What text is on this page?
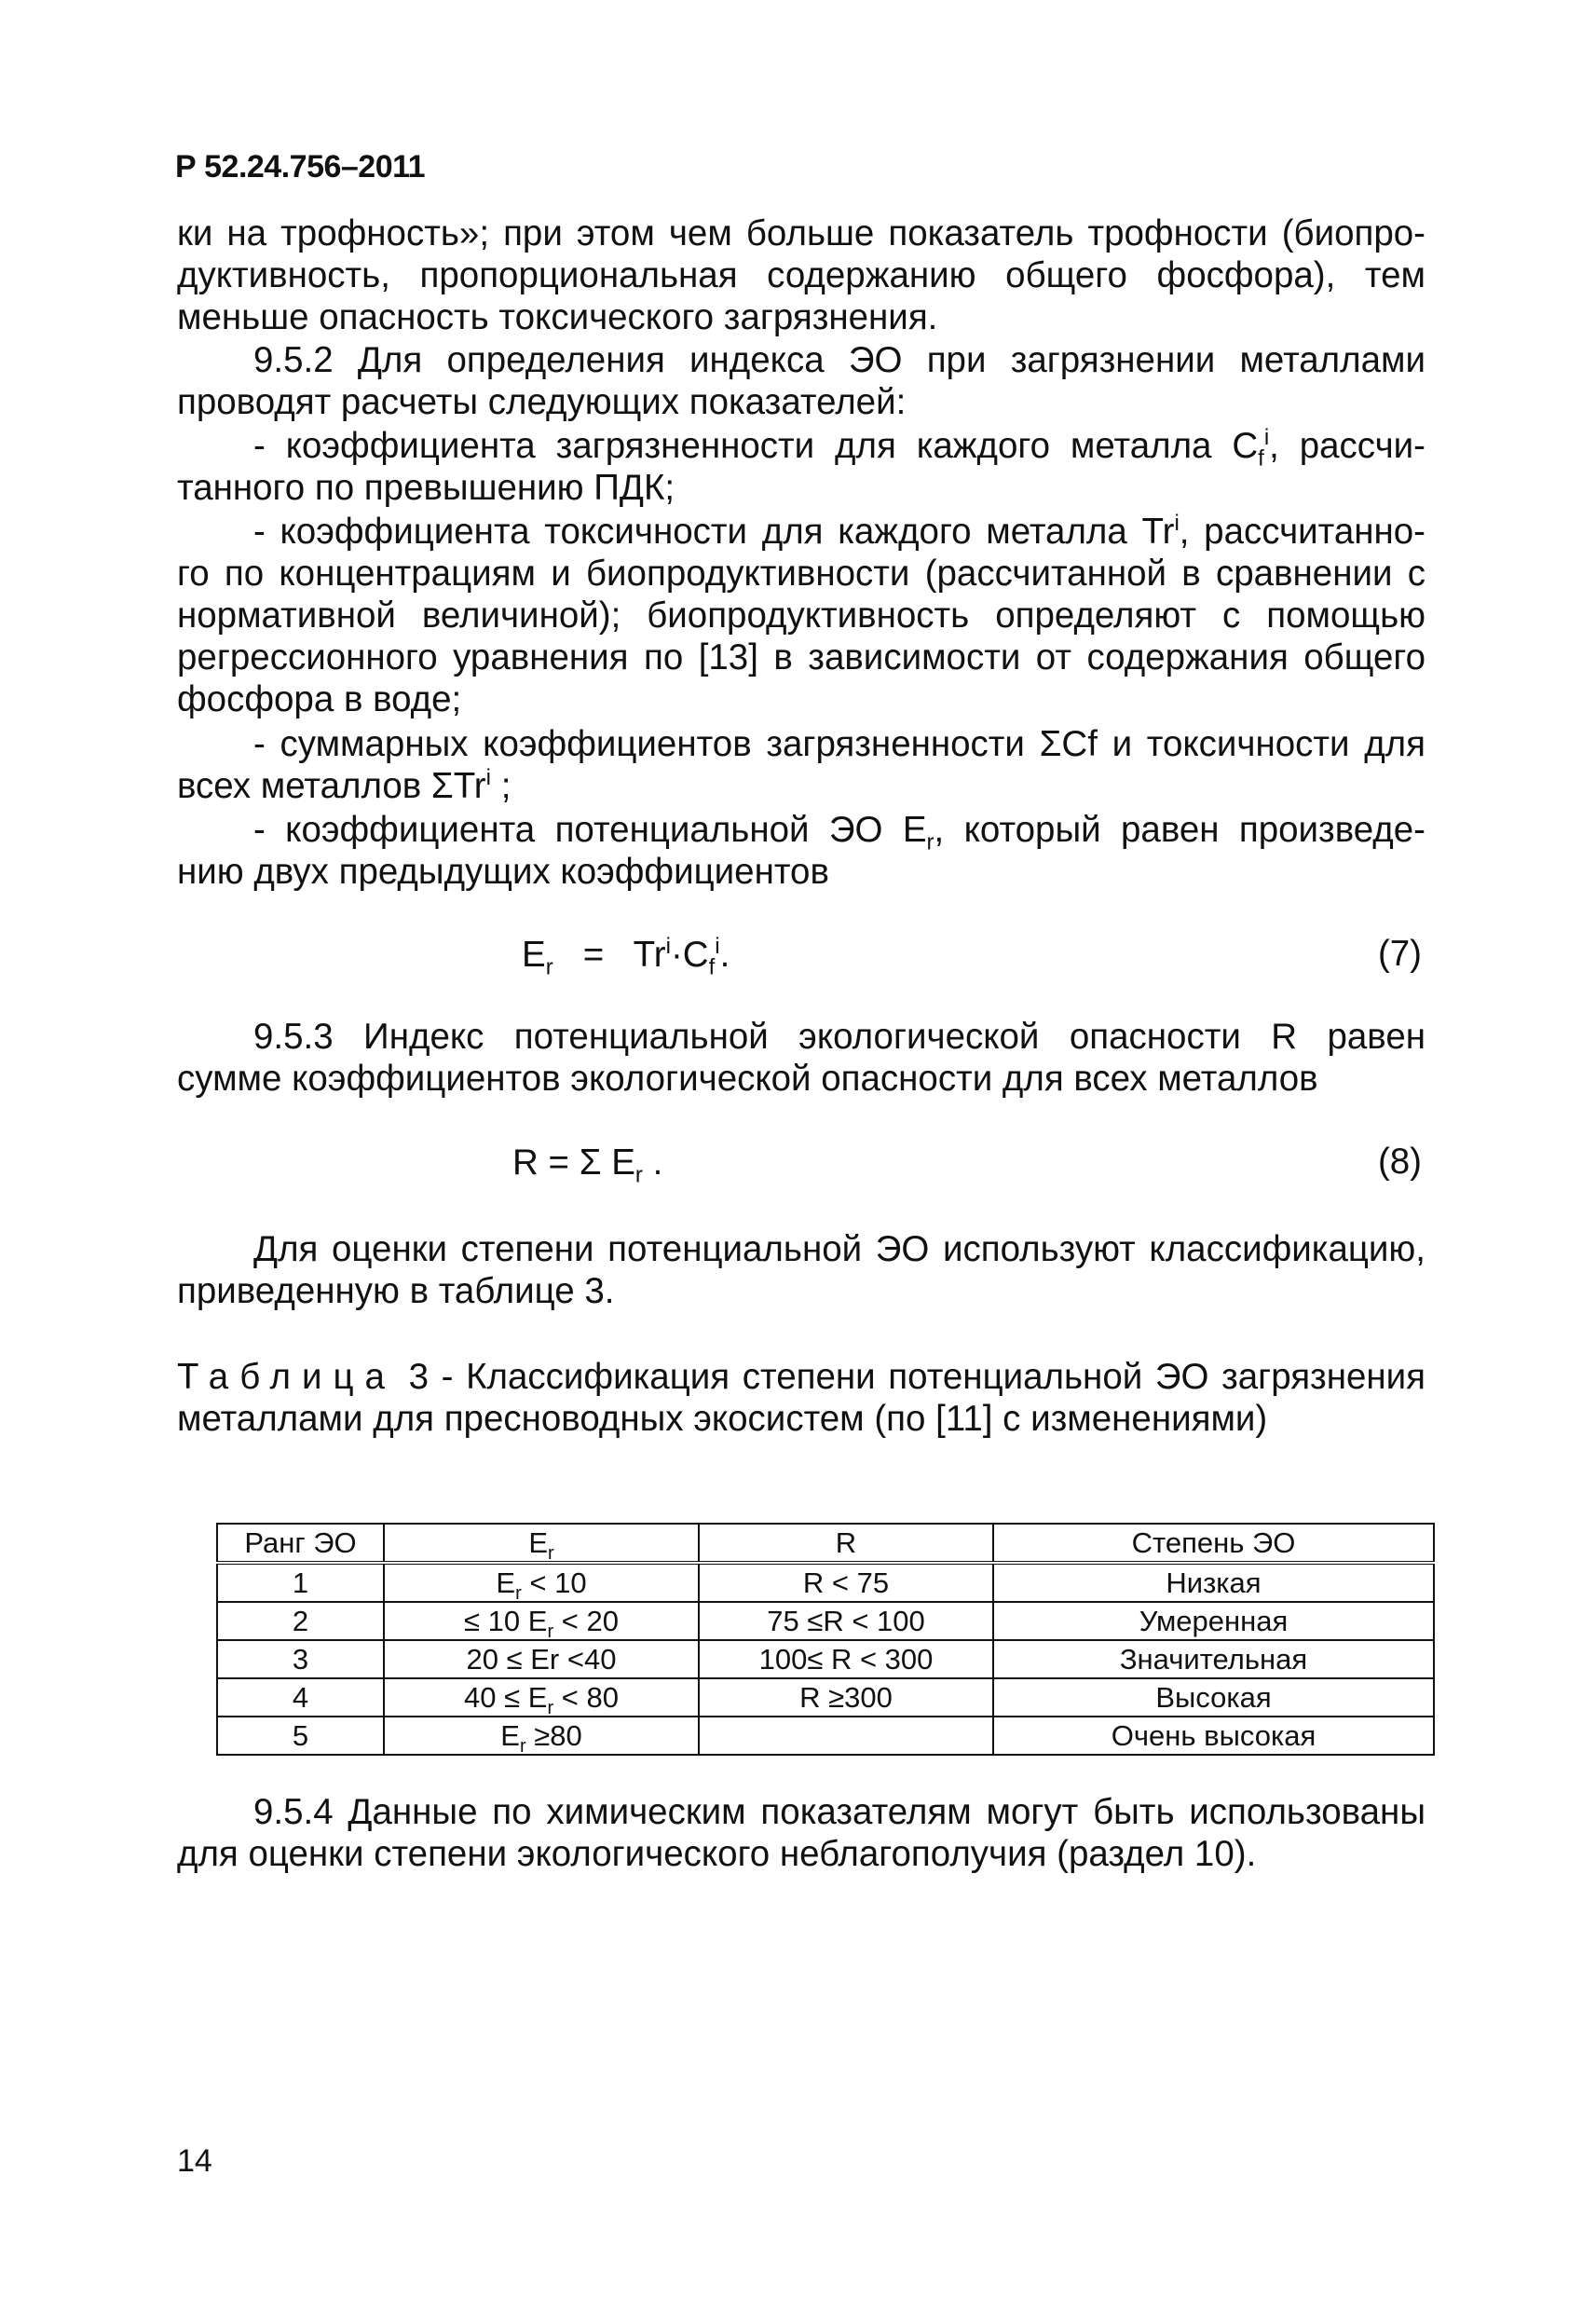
Р 52.24.756–2011
ки на трофность»; при этом чем больше показатель трофности (биопро-
дуктивность, пропорциональная содержанию общего фосфора), тем
меньше опасность токсического загрязнения.
9.5.2 Для определения индекса ЭО при загрязнении металлами
проводят расчеты следующих показателей:
- коэффициента загрязненности для каждого металла $C_f^i$, рассчи-
танного по превышению ПДК;
- коэффициента токсичности для каждого металла Tr$^i$, рассчитанно-
го по концентрациям и биопродуктивности (рассчитанной в сравнении с
нормативной величиной); биопродуктивность определяют с помощью
регрессионного уравнения по [13] в зависимости от содержания общего
фосфора в воде;
- суммарных коэффициентов загрязненности ΣCf и токсичности для
всех металлов ΣTr$^i$ ;
- коэффициента потенциальной ЭО $E_r$, который равен произведе-
нию двух предыдущих коэффициентов
$E_r = Tr^i\cdot C_f^i$.	(7)
9.5.3 Индекс потенциальной экологической опасности R равен
сумме коэффициентов экологической опасности для всех металлов
R = Σ $E_r$ .	(8)
Для оценки степени потенциальной ЭО используют классификацию,
приведенную в таблице 3.
Таблица 3 - Классификация степени потенциальной ЭО загрязнения
металлами для пресноводных экосистем (по [11] с изменениями)
Ранг ЭО	$E_r$	R	Степень ЭО
1	$E_r < 10$	R < 75	Низкая
2	≤ 10 $E_r < 20$	75 ≤R < 100	Умеренная
3	20 ≤ Er <40	100≤ R < 300	Значительная
4	$40 \le E_r < 80$	R ≥300	Высокая
5	$E_r \ge 80$		Очень высокая
9.5.4 Данные по химическим показателям могут быть использованы
для оценки степени экологического неблагополучия (раздел 10).
14
